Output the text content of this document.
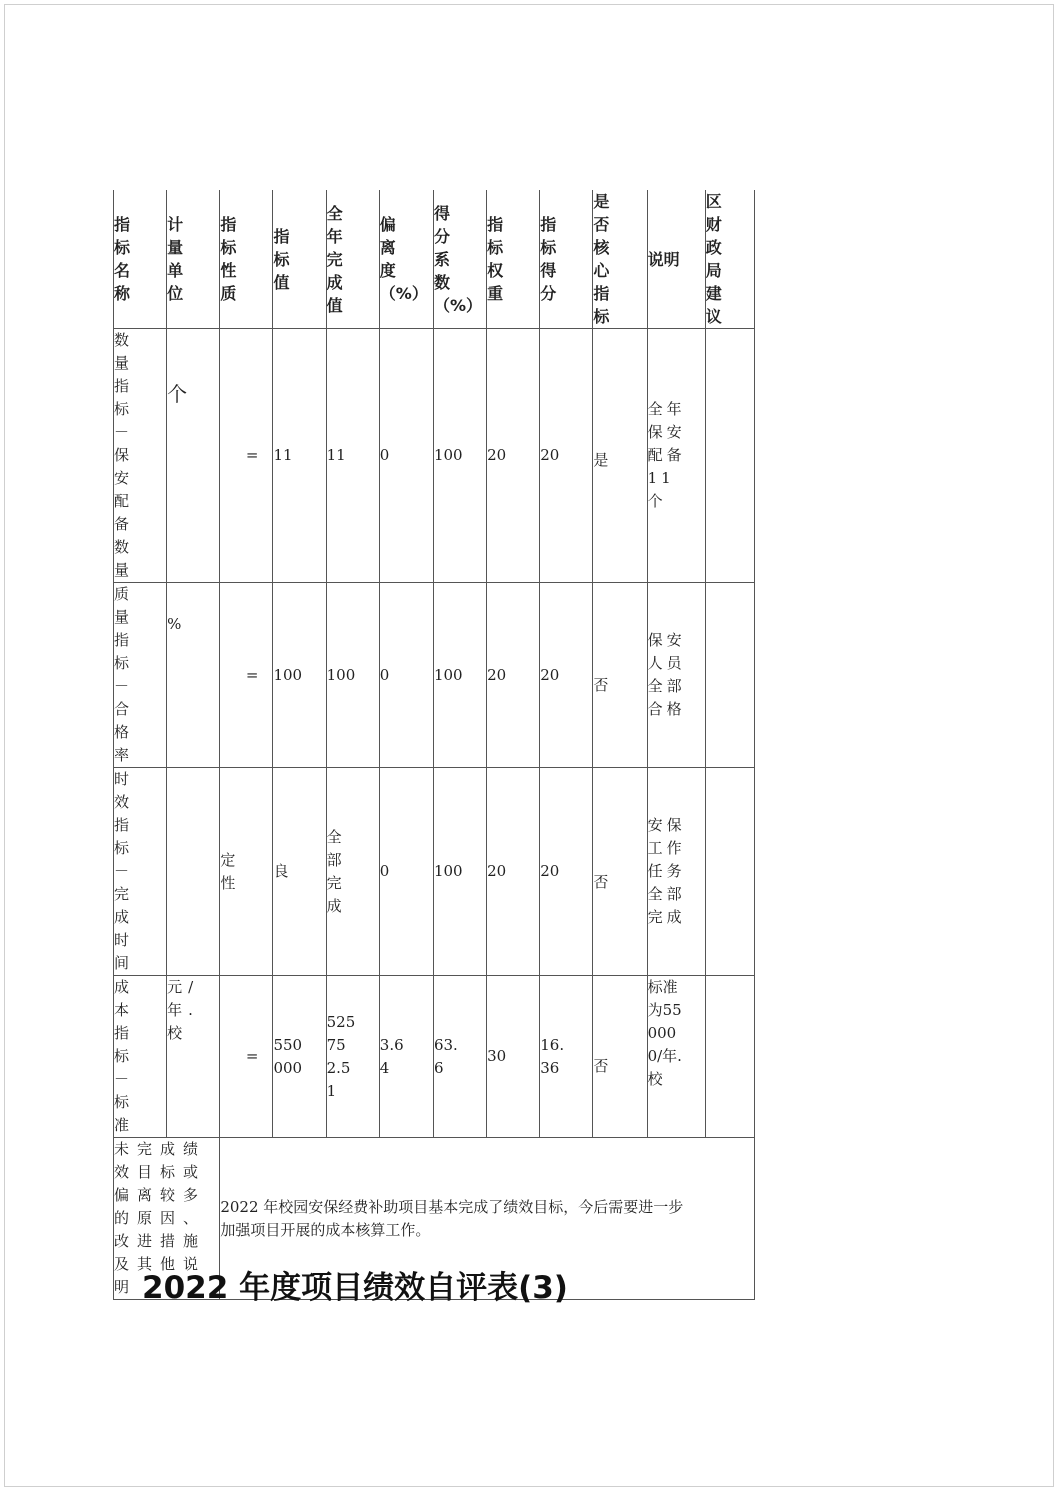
指标名称	计量单位	指标性质	指标值	全年完成值	偏离度（%）	得分系数（%）	指标权重	指标得分	是否核心指标	说明	区财政局建议

数量指标－保安配备数量	个	=	11	11	0	100	20	20	是	全年保安配备11个	

质量指标－合格率	%	=	100	100	0	100	20	20	否	保安人员全部合格	

时效指标－完成时间		定性	良	全部完成	0	100	20	20	否	安保工作任务全部完成	

成本指标－标准	元/年.校	=	550000	525752.51	3.64	63.6	30	16.36	否	标准为550000/年.校	

未完成绩效目标或偏离较多的原因、改进措施及其他说明		2022 年校园安保经费补助项目基本完成了绩效目标，今后需要进一步
加强项目开展的成本核算工作。									
2022 年度项目绩效自评表(3)
